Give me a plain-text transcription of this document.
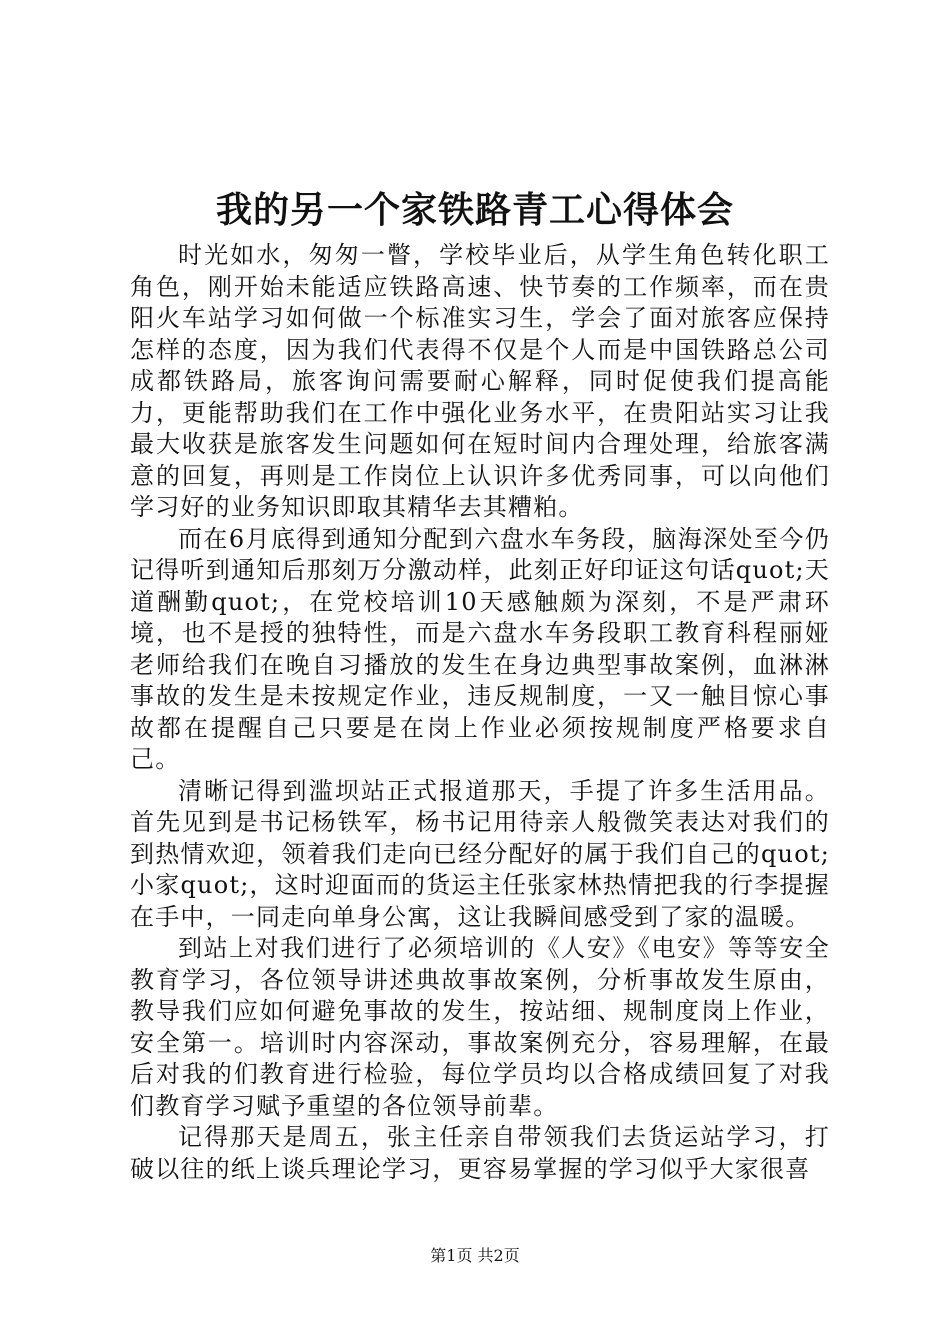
我的另一个家铁路青工心得体会

时光如水，匆匆一瞥，学校毕业后，从学生角色转化职工角色，刚开始未能适应铁路高速、快节奏的工作频率，而在贵阳火车站学习如何做一个标准实习生，学会了面对旅客应保持怎样的态度，因为我们代表得不仅是个人而是中国铁路总公司成都铁路局，旅客询问需要耐心解释，同时促使我们提高能力，更能帮助我们在工作中强化业务水平，在贵阳站实习让我最大收获是旅客发生问题如何在短时间内合理处理，给旅客满意的回复，再则是工作岗位上认识许多优秀同事，可以向他们学习好的业务知识即取其精华去其糟粕。

而在6月底得到通知分配到六盘水车务段，脑海深处至今仍记得听到通知后那刻万分激动样，此刻正好印证这句话quot;天道酬勤quot;，在党校培训10天感触颇为深刻，不是严肃环境，也不是授的独特性，而是六盘水车务段职工教育科程丽娅老师给我们在晚自习播放的发生在身边典型事故案例，血淋淋事故的发生是未按规定作业，违反规制度，一又一触目惊心事故都在提醒自己只要是在岗上作业必须按规制度严格要求自己。

清晰记得到滥坝站正式报道那天，手提了许多生活用品。首先见到是书记杨铁军，杨书记用待亲人般微笑表达对我们的到热情欢迎，领着我们走向已经分配好的属于我们自己的quot;小家quot;，这时迎面而的货运主任张家林热情把我的行李提握在手中，一同走向单身公寓，这让我瞬间感受到了家的温暖。

到站上对我们进行了必须培训的《人安》《电安》等等安全教育学习，各位领导讲述典故事故案例，分析事故发生原由，教导我们应如何避免事故的发生，按站细、规制度岗上作业，安全第一。培训时内容深动，事故案例充分，容易理解，在最后对我的们教育进行检验，每位学员均以合格成绩回复了对我们教育学习赋予重望的各位领导前辈。

记得那天是周五，张主任亲自带领我们去货运站学习，打破以往的纸上谈兵理论学习，更容易掌握的学习似乎大家很喜

第1页 共2页
